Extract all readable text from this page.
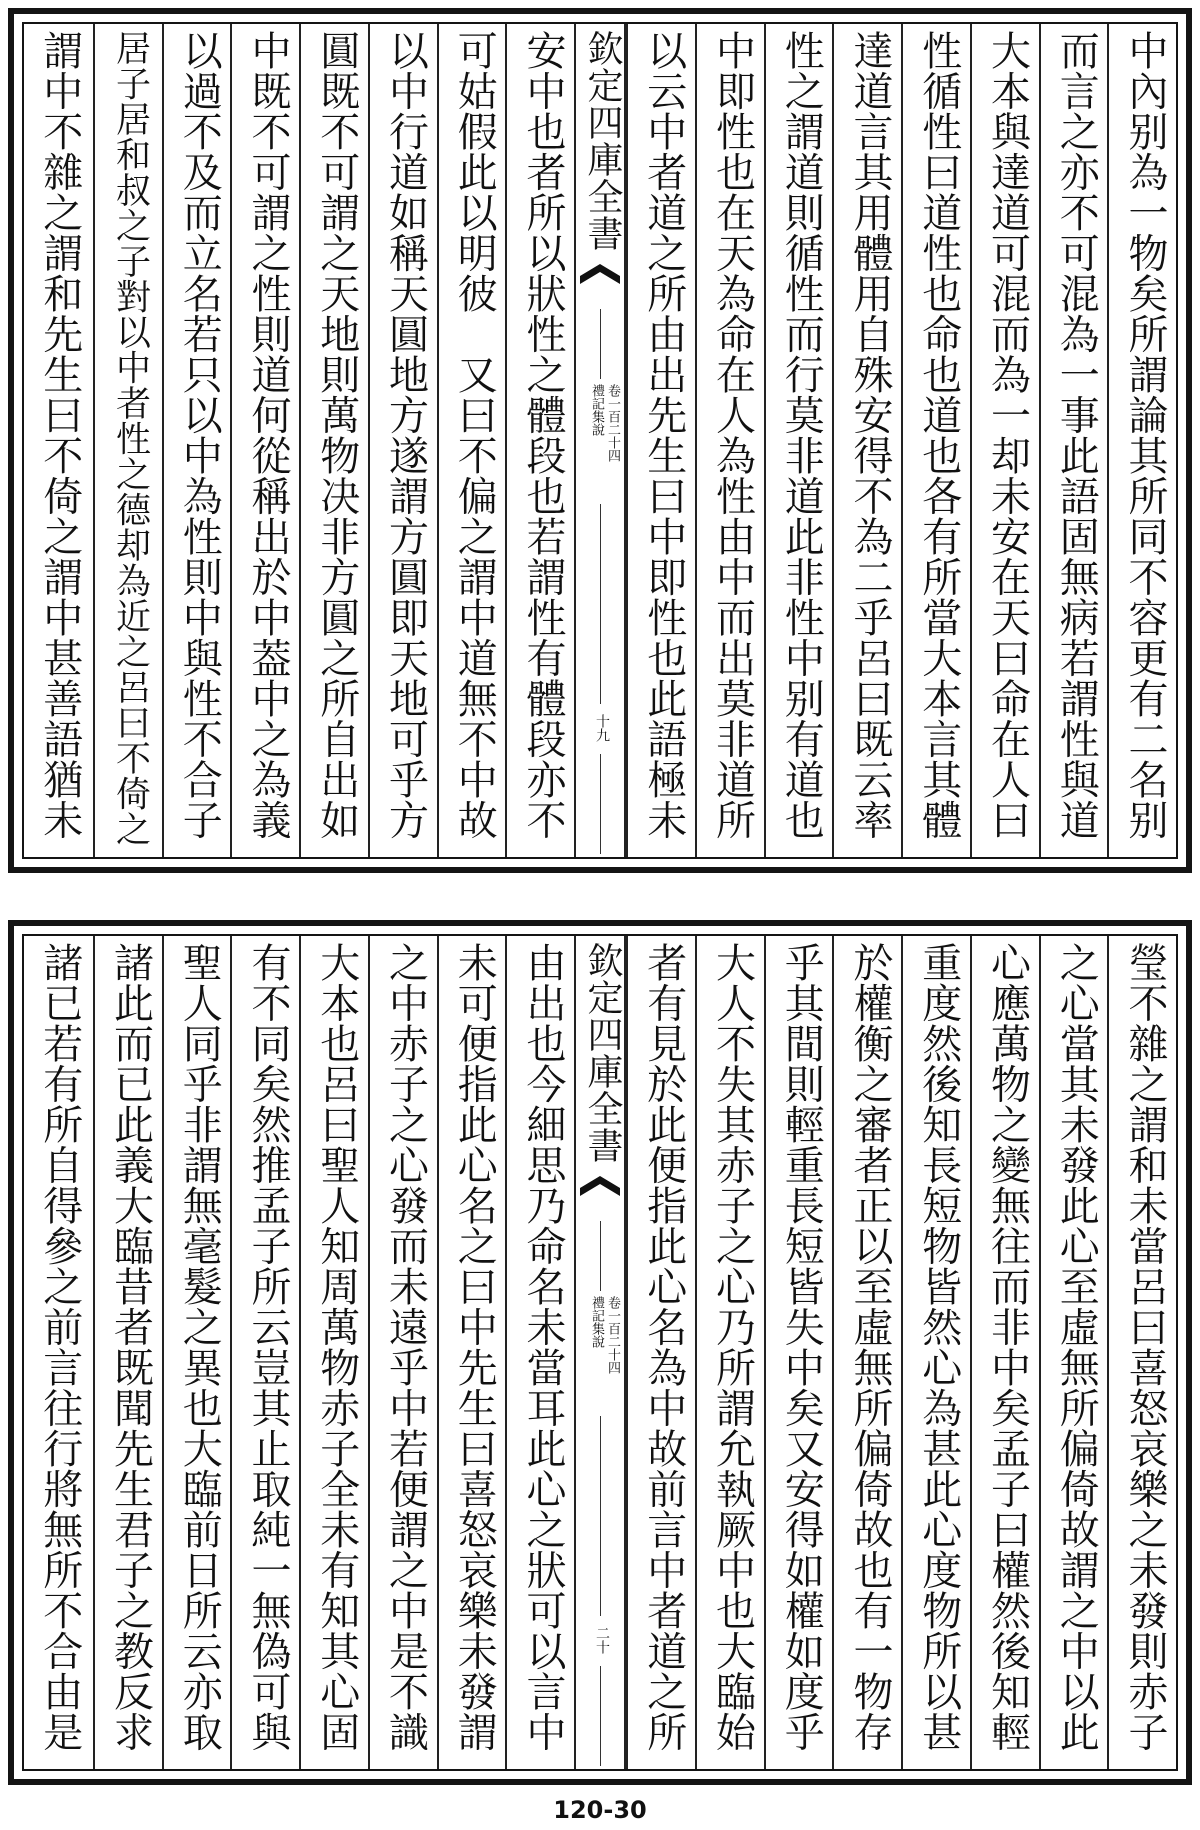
欽定四庫全書
禮記集說 卷一百二十四
十九	中內别為一物矣所謂論其所同不容更有二名别
而言之亦不可混為一事此語固無病若謂性與道
大本與達道可混而為一却未安在天曰命在人曰
性循性曰道性也命也道也各有所當大本言其體
達道言其用體用自殊安得不為二乎呂曰既云率
性之謂道則循性而行莫非道此非性中别有道也
中即性也在天為命在人為性由中而出莫非道所
以云中者道之所由出先生曰中即性也此語極未
安中也者所以狀性之體段也若謂性有體段亦不
可姑假此以明彼　又曰不偏之謂中道無不中故
以中行道如稱天圓地方遂謂方圓即天地可乎方
圓既不可謂之天地則萬物决非方圓之所自出如
中既不可謂之性則道何從稱出於中葢中之為義
以過不及而立名若只以中為性則中與性不合子
居子居和叔之子對以中者性之德却為近之呂曰不倚之
謂中不雜之謂和先生曰不倚之謂中甚善語猶未
欽定四庫全書
禮記集說 卷一百二十四
二十	瑩不雜之謂和未當呂曰喜怒哀樂之未發則赤子
之心當其未發此心至虛無所偏倚故謂之中以此
心應萬物之變無往而非中矣孟子曰權然後知輕
重度然後知長短物皆然心為甚此心度物所以甚
於權衡之審者正以至虛無所偏倚故也有一物存
乎其間則輕重長短皆失中矣又安得如權如度乎
大人不失其赤子之心乃所謂允執厥中也大臨始
者有見於此便指此心名為中故前言中者道之所
由出也今細思乃命名未當耳此心之狀可以言中
未可便指此心名之曰中先生曰喜怒哀樂未發謂
之中赤子之心發而未遠乎中若便謂之中是不識
大本也呂曰聖人知周萬物赤子全未有知其心固
有不同矣然推孟子所云豈其止取純一無偽可與
聖人同乎非謂無毫髮之異也大臨前日所云亦取
諸此而已此義大臨昔者既聞先生君子之教反求
諸已若有所自得參之前言往行將無所不合由是
120-30
